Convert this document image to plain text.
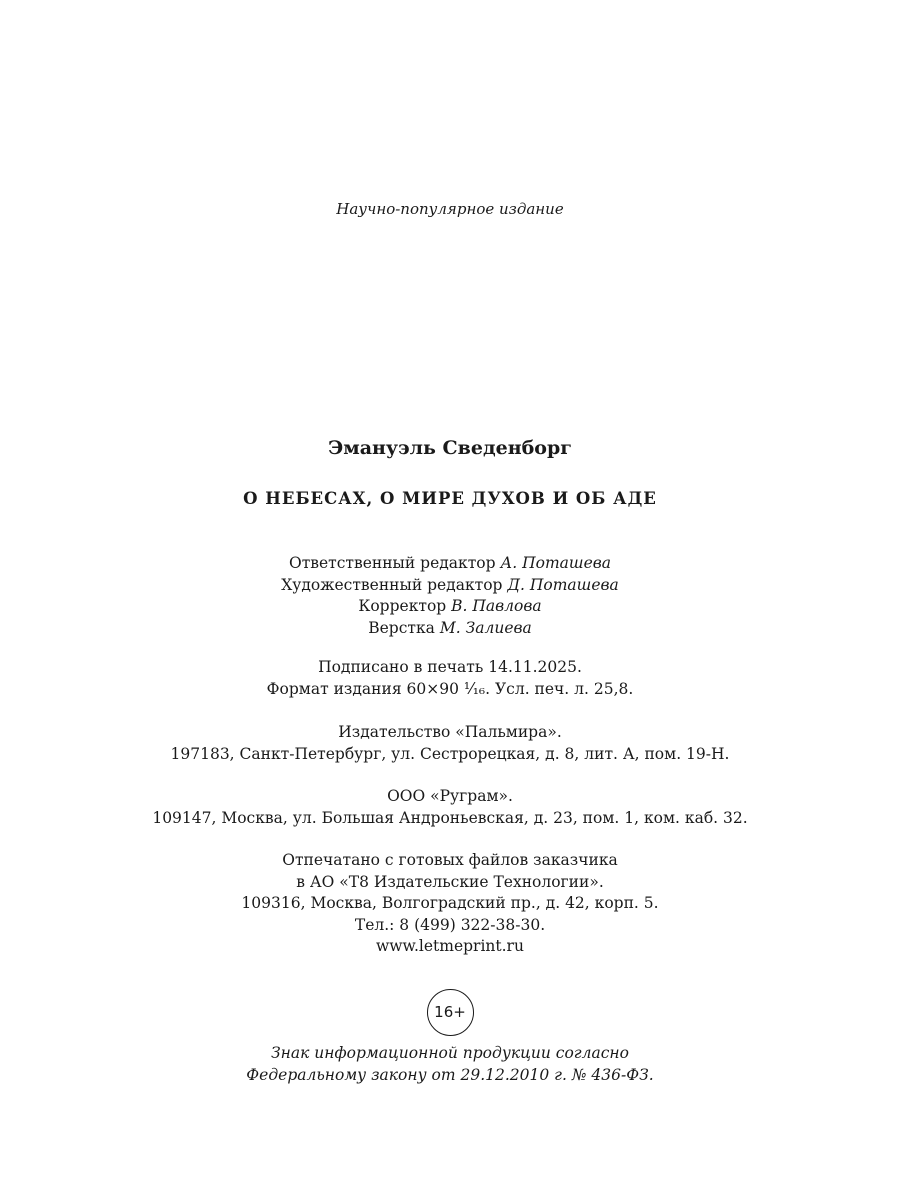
Научно-популярное издание
Эмануэль Сведенборг
О НЕБЕСАХ, О МИРЕ ДУХОВ И ОБ АДЕ
Ответственный редактор А. Поташева
Художественный редактор Д. Поташева
Корректор В. Павлова
Верстка М. Залиева
Подписано в печать 14.11.2025.
Формат издания 60×90 ¹⁄₁₆. Усл. печ. л. 25,8.
Издательство «Пальмира».
197183, Санкт-Петербург, ул. Сестрорецкая, д. 8, лит. А, пом. 19-Н.
ООО «Руграм».
109147, Москва, ул. Большая Андроньевская, д. 23, пом. 1, ком. каб. 32.
Отпечатано с готовых файлов заказчика
в АО «Т8 Издательские Технологии».
109316, Москва, Волгоградский пр., д. 42, корп. 5.
Тел.: 8 (499) 322-38-30.
www.letmeprint.ru
16+
Знак информационной продукции согласно
Федеральному закону от 29.12.2010 г. № 436-ФЗ.
